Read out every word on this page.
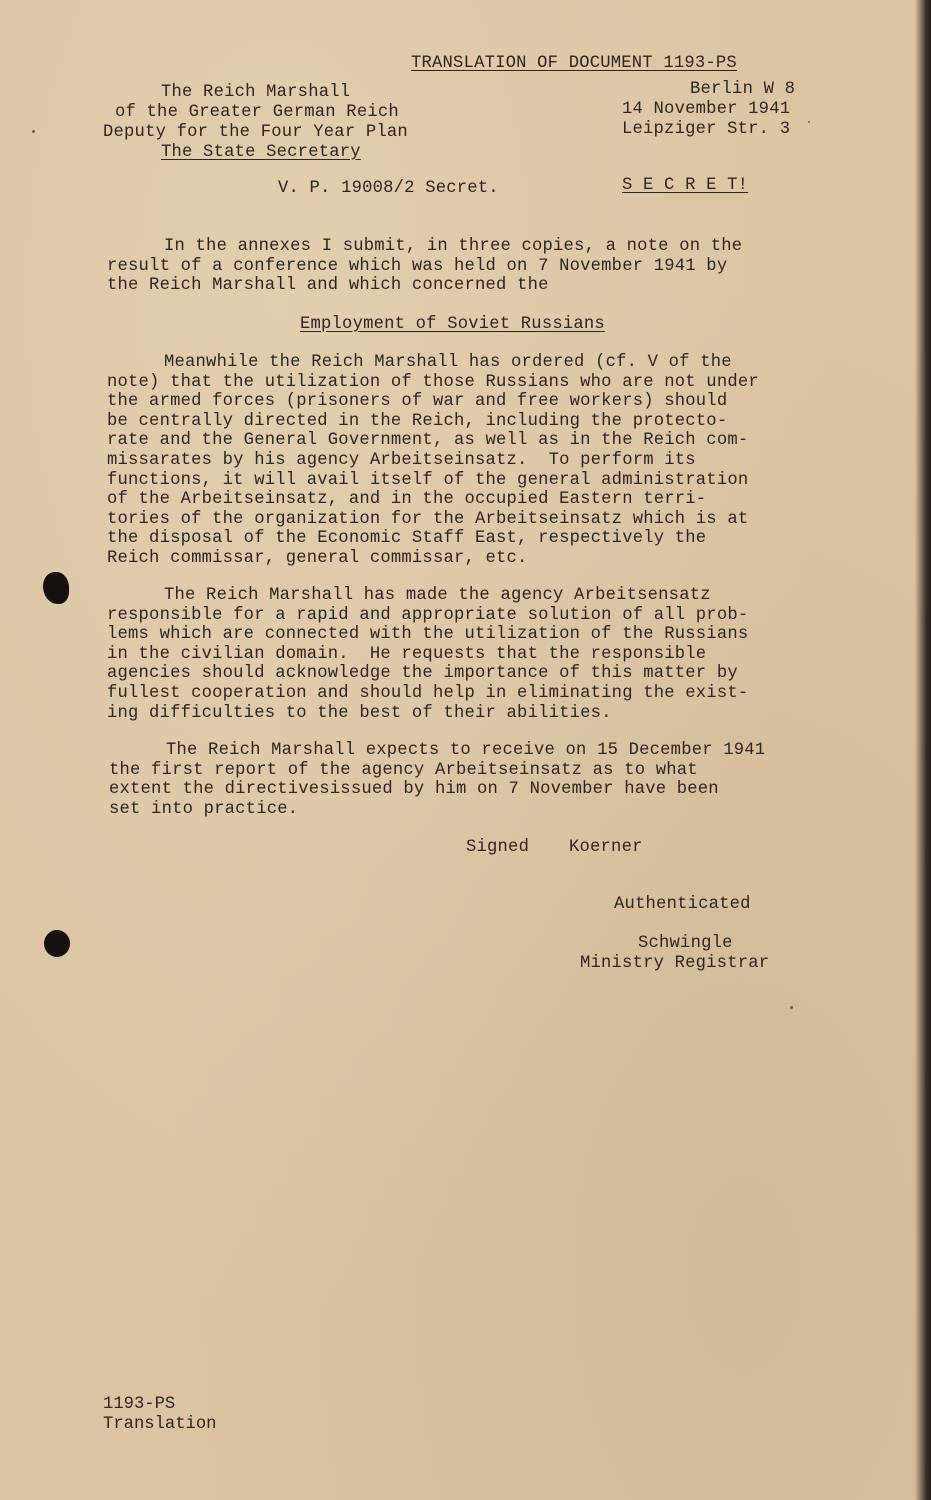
TRANSLATION OF DOCUMENT 1193-PS
The Reich Marshall
of the Greater German Reich
Deputy for the Four Year Plan
The State Secretary
Berlin W 8
14 November 1941
Leipziger Str. 3
V. P. 19008/2 Secret.	S E C R E T!
In the annexes I submit, in three copies, a note on the
result of a conference which was held on 7 November 1941 by
the Reich Marshall and which concerned the
Employment of Soviet Russians
Meanwhile the Reich Marshall has ordered (cf. V of the
note) that the utilization of those Russians who are not under
the armed forces (prisoners of war and free workers) should
be centrally directed in the Reich, including the protecto-
rate and the General Government, as well as in the Reich com-
missarates by his agency Arbeitseinsatz.  To perform its
functions, it will avail itself of the general administration
of the Arbeitseinsatz, and in the occupied Eastern terri-
tories of the organization for the Arbeitseinsatz which is at
the disposal of the Economic Staff East, respectively the
Reich commissar, general commissar, etc.
The Reich Marshall has made the agency Arbeitsensatz
responsible for a rapid and appropriate solution of all prob-
lems which are connected with the utilization of the Russians
in the civilian domain.  He requests that the responsible
agencies should acknowledge the importance of this matter by
fullest cooperation and should help in eliminating the exist-
ing difficulties to the best of their abilities.
The Reich Marshall expects to receive on 15 December 1941
the first report of the agency Arbeitseinsatz as to what
extent the directivesissued by him on 7 November have been
set into practice.
Signed Koerner
Authenticated
Schwingle
Ministry Registrar
1193-PS
Translation
